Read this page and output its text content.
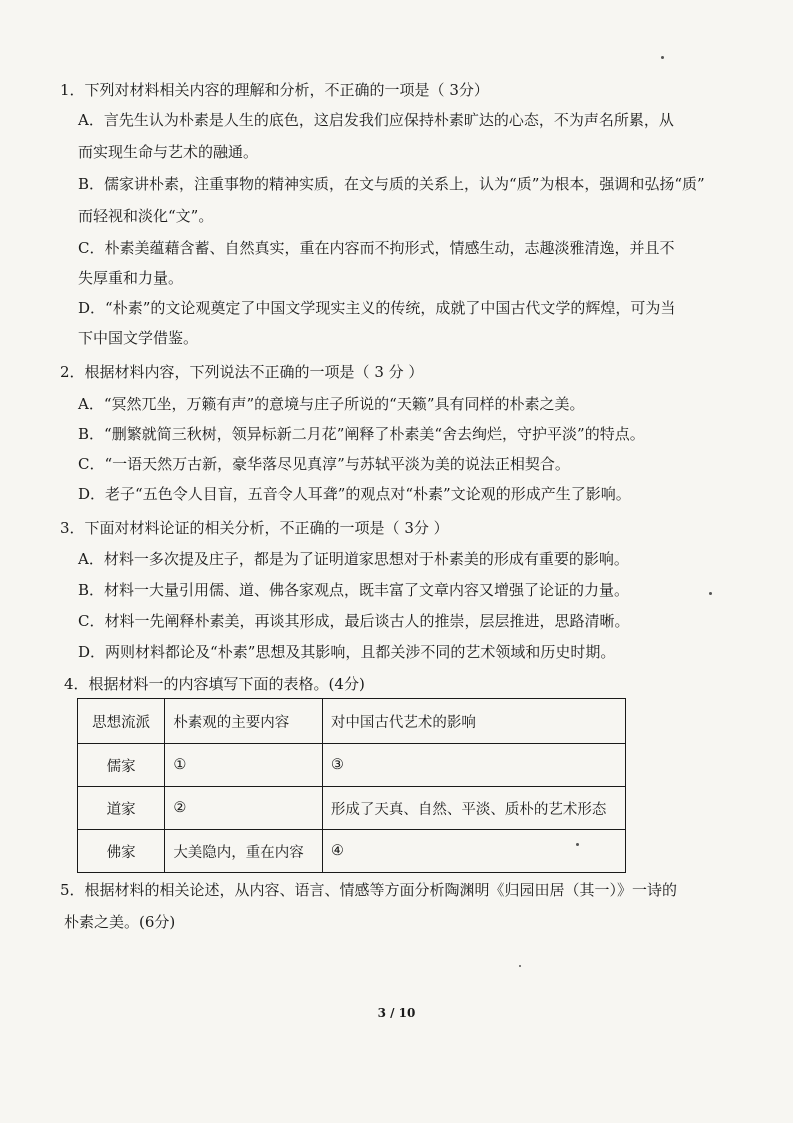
1．下列对材料相关内容的理解和分析，不正确的一项是（ 3分）
A．言先生认为朴素是人生的底色，这启发我们应保持朴素旷达的心态，不为声名所累，从
而实现生命与艺术的融通。
B．儒家讲朴素，注重事物的精神实质，在文与质的关系上，认为“质”为根本，强调和弘扬“质”
而轻视和淡化“文”。
C．朴素美蕴藉含蓄、自然真实，重在内容而不拘形式，情感生动，志趣淡雅清逸，并且不
失厚重和力量。
D．“朴素”的文论观奠定了中国文学现实主义的传统，成就了中国古代文学的辉煌，可为当
下中国文学借鉴。
2．根据材料内容，下列说法不正确的一项是（ 3 分 ）
A．“冥然兀坐，万籁有声”的意境与庄子所说的“天籁”具有同样的朴素之美。
B．“删繁就简三秋树，领异标新二月花”阐释了朴素美“舍去绚烂，守护平淡”的特点。
C．“一语天然万古新，豪华落尽见真淳”与苏轼平淡为美的说法正相契合。
D．老子“五色令人目盲，五音令人耳聋”的观点对“朴素”文论观的形成产生了影响。
3．下面对材料论证的相关分析，不正确的一项是（ 3分 ）
A．材料一多次提及庄子，都是为了证明道家思想对于朴素美的形成有重要的影响。
B．材料一大量引用儒、道、佛各家观点，既丰富了文章内容又增强了论证的力量。
C．材料一先阐释朴素美，再谈其形成，最后谈古人的推崇，层层推进，思路清晰。
D．两则材料都论及“朴素”思想及其影响，且都关涉不同的艺术领域和历史时期。
4．根据材料一的内容填写下面的表格。(4分)
思想流派	朴素观的主要内容	对中国古代艺术的影响
儒家	①	③
道家	②	形成了天真、自然、平淡、质朴的艺术形态
佛家	大美隐内，重在内容	④
5．根据材料的相关论述，从内容、语言、情感等方面分析陶渊明《归园田居（其一）》一诗的
朴素之美。(6分)
3 / 10
